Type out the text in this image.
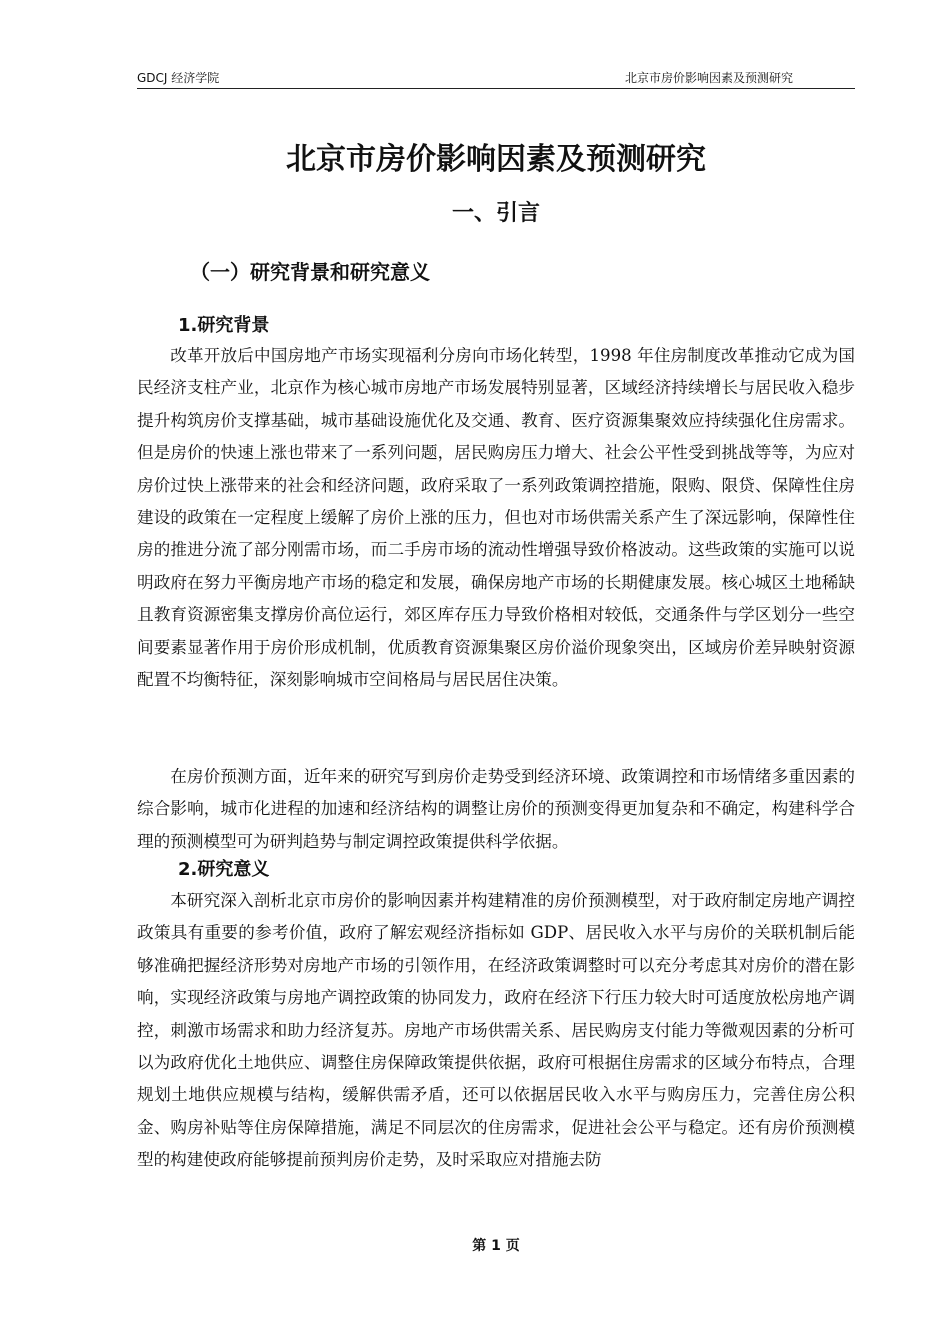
GDCJ 经济学院	北京市房价影响因素及预测研究
北京市房价影响因素及预测研究
一、引言
（一）研究背景和研究意义
1.研究背景

改革开放后中国房地产市场实现福利分房向市场化转型，1998 年住房制度改革推动它成为国民经济支柱产业，北京作为核心城市房地产市场发展特别显著，区域经济持续增长与居民收入稳步提升构筑房价支撑基础，城市基础设施优化及交通、教育、医疗资源集聚效应持续强化住房需求。但是房价的快速上涨也带来了一系列问题，居民购房压力增大、社会公平性受到挑战等等，为应对房价过快上涨带来的社会和经济问题，政府采取了一系列政策调控措施，限购、限贷、保障性住房建设的政策在一定程度上缓解了房价上涨的压力，但也对市场供需关系产生了深远影响，保障性住房的推进分流了部分刚需市场，而二手房市场的流动性增强导致价格波动。这些政策的实施可以说明政府在努力平衡房地产市场的稳定和发展，确保房地产市场的长期健康发展。核心城区土地稀缺且教育资源密集支撑房价高位运行，郊区库存压力导致价格相对较低，交通条件与学区划分一些空间要素显著作用于房价形成机制，优质教育资源集聚区房价溢价现象突出，区域房价差异映射资源配置不均衡特征，深刻影响城市空间格局与居民居住决策。

在房价预测方面，近年来的研究写到房价走势受到经济环境、政策调控和市场情绪多重因素的综合影响，城市化进程的加速和经济结构的调整让房价的预测变得更加复杂和不确定，构建科学合理的预测模型可为研判趋势与制定调控政策提供科学依据。

2.研究意义

本研究深入剖析北京市房价的影响因素并构建精准的房价预测模型，对于政府制定房地产调控政策具有重要的参考价值，政府了解宏观经济指标如 GDP、居民收入水平与房价的关联机制后能够准确把握经济形势对房地产市场的引领作用，在经济政策调整时可以充分考虑其对房价的潜在影响，实现经济政策与房地产调控政策的协同发力，政府在经济下行压力较大时可适度放松房地产调控，刺激市场需求和助力经济复苏。房地产市场供需关系、居民购房支付能力等微观因素的分析可以为政府优化土地供应、调整住房保障政策提供依据，政府可根据住房需求的区域分布特点，合理规划土地供应规模与结构，缓解供需矛盾，还可以依据居民收入水平与购房压力，完善住房公积金、购房补贴等住房保障措施，满足不同层次的住房需求，促进社会公平与稳定。还有房价预测模型的构建使政府能够提前预判房价走势，及时采取应对措施去防

第 1 页
